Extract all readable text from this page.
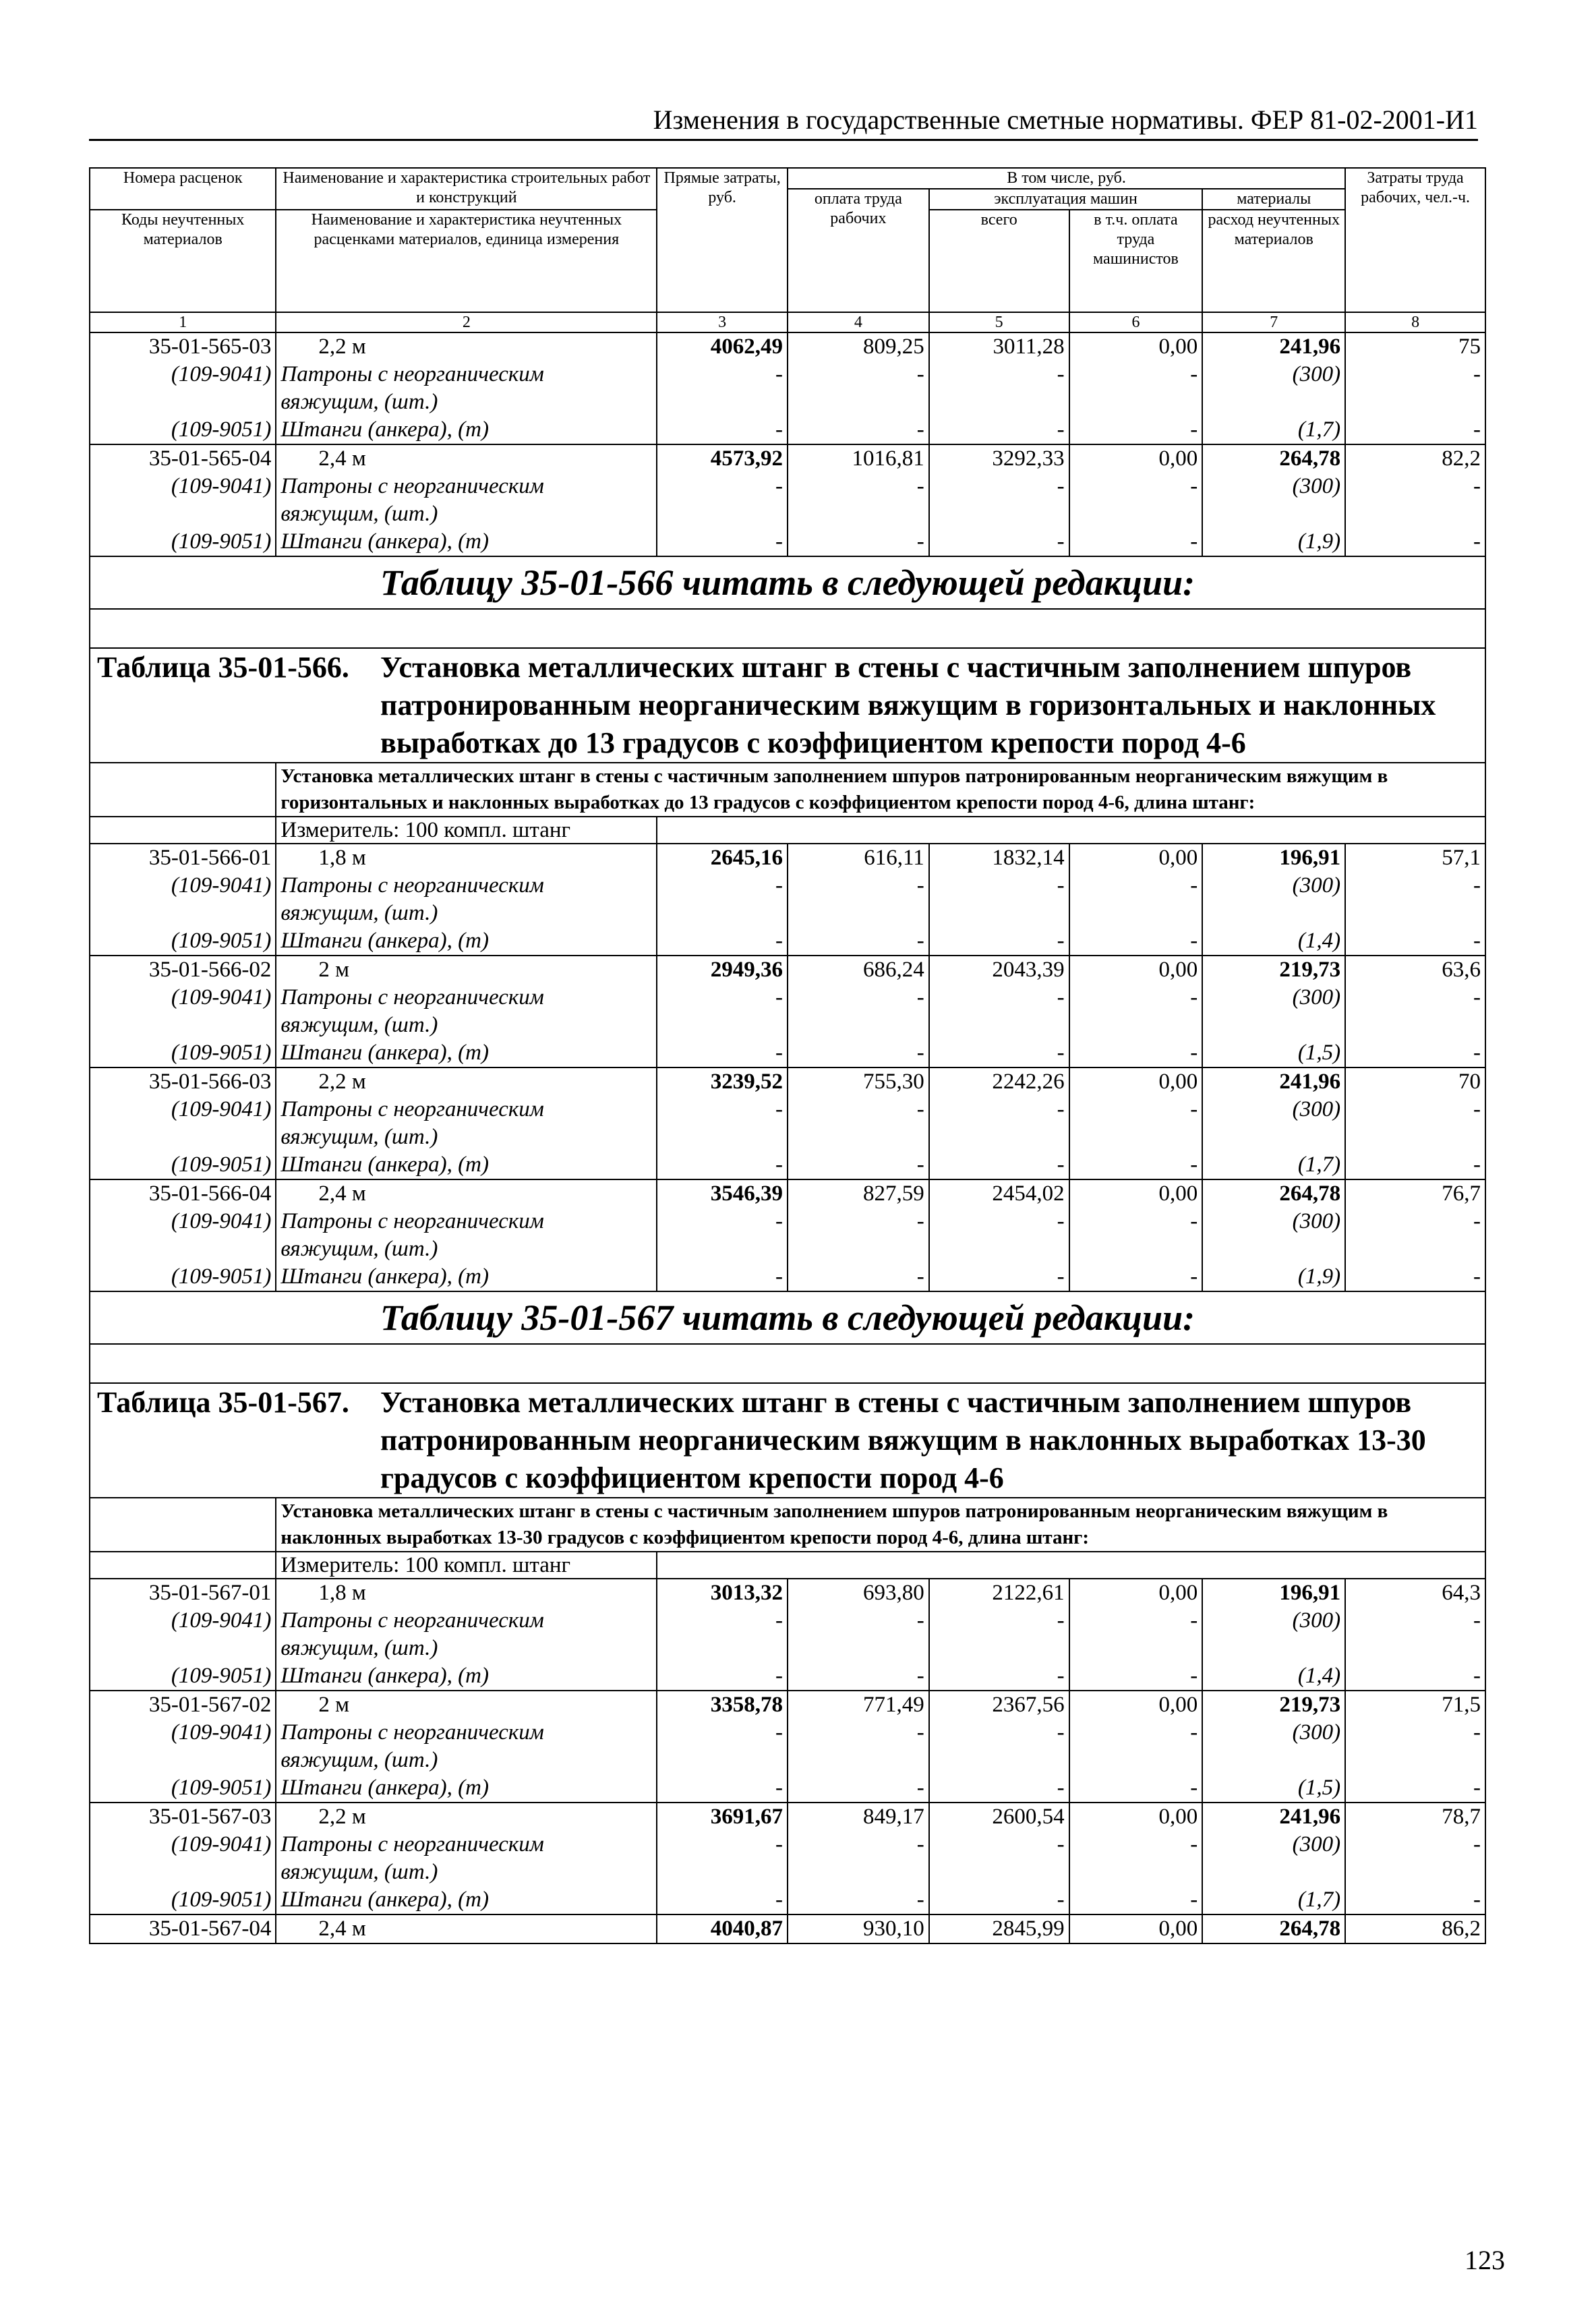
Изменения в государственные сметные нормативы. ФЕР 81-02-2001-И1
Номера расценок	Наименование и характеристика строительных работ и конструкций	Прямые затраты, руб.	В том числе, руб.				Затраты труда рабочих, чел.-ч.
			оплата труда рабочих	эксплуатация машин		материалы	
Коды неучтенных материалов	Наименование и характеристика неучтенных расценками материалов, единица измерения			всего	в т.ч. оплата труда машинистов	расход неучтенных материалов	
1	2	3	4	5	6	7	8
35-01-565-03	2,2 м	4062,49	809,25	3011,28	0,00	241,96	75
(109-9041)	Патроны с неорганическим	-	-	-	-	(300)	-
	вяжущим, (шт.)						
(109-9051)	Штанги (анкера), (т)	-	-	-	-	(1,7)	-
35-01-565-04	2,4 м	4573,92	1016,81	3292,33	0,00	264,78	82,2
(109-9041)	Патроны с неорганическим	-	-	-	-	(300)	-
	вяжущим, (шт.)						
(109-9051)	Штанги (анкера), (т)	-	-	-	-	(1,9)	-
Таблицу 35-01-566 читать в следующей редакции:							

Таблица 35-01-566. Установка металлических штанг в стены с частичным заполнением шпуров патронированным неорганическим вяжущим в горизонтальных и наклонных выработках до 13 градусов с коэффициентом крепости пород 4-6							
	Установка металлических штанг в стены с частичным заполнением шпуров патронированным неорганическим вяжущим в горизонтальных и наклонных выработках до 13 градусов с коэффициентом крепости пород 4-6, длина штанг:						
	Измеритель: 100 компл. штанг						
35-01-566-01	1,8 м	2645,16	616,11	1832,14	0,00	196,91	57,1
(109-9041)	Патроны с неорганическим	-	-	-	-	(300)	-
	вяжущим, (шт.)						
(109-9051)	Штанги (анкера), (т)	-	-	-	-	(1,4)	-
35-01-566-02	2 м	2949,36	686,24	2043,39	0,00	219,73	63,6
(109-9041)	Патроны с неорганическим	-	-	-	-	(300)	-
	вяжущим, (шт.)						
(109-9051)	Штанги (анкера), (т)	-	-	-	-	(1,5)	-
35-01-566-03	2,2 м	3239,52	755,30	2242,26	0,00	241,96	70
(109-9041)	Патроны с неорганическим	-	-	-	-	(300)	-
	вяжущим, (шт.)						
(109-9051)	Штанги (анкера), (т)	-	-	-	-	(1,7)	-
35-01-566-04	2,4 м	3546,39	827,59	2454,02	0,00	264,78	76,7
(109-9041)	Патроны с неорганическим	-	-	-	-	(300)	-
	вяжущим, (шт.)						
(109-9051)	Штанги (анкера), (т)	-	-	-	-	(1,9)	-
Таблицу 35-01-567 читать в следующей редакции:							

Таблица 35-01-567. Установка металлических штанг в стены с частичным заполнением шпуров патронированным неорганическим вяжущим в наклонных выработках 13-30 градусов с коэффициентом крепости пород 4-6							
	Установка металлических штанг в стены с частичным заполнением шпуров патронированным неорганическим вяжущим в наклонных выработках 13-30 градусов с коэффициентом крепости пород 4-6, длина штанг:						
	Измеритель: 100 компл. штанг						
35-01-567-01	1,8 м	3013,32	693,80	2122,61	0,00	196,91	64,3
(109-9041)	Патроны с неорганическим	-	-	-	-	(300)	-
	вяжущим, (шт.)						
(109-9051)	Штанги (анкера), (т)	-	-	-	-	(1,4)	-
35-01-567-02	2 м	3358,78	771,49	2367,56	0,00	219,73	71,5
(109-9041)	Патроны с неорганическим	-	-	-	-	(300)	-
	вяжущим, (шт.)						
(109-9051)	Штанги (анкера), (т)	-	-	-	-	(1,5)	-
35-01-567-03	2,2 м	3691,67	849,17	2600,54	0,00	241,96	78,7
(109-9041)	Патроны с неорганическим	-	-	-	-	(300)	-
	вяжущим, (шт.)						
(109-9051)	Штанги (анкера), (т)	-	-	-	-	(1,7)	-
35-01-567-04	2,4 м	4040,87	930,10	2845,99	0,00	264,78	86,2
123
